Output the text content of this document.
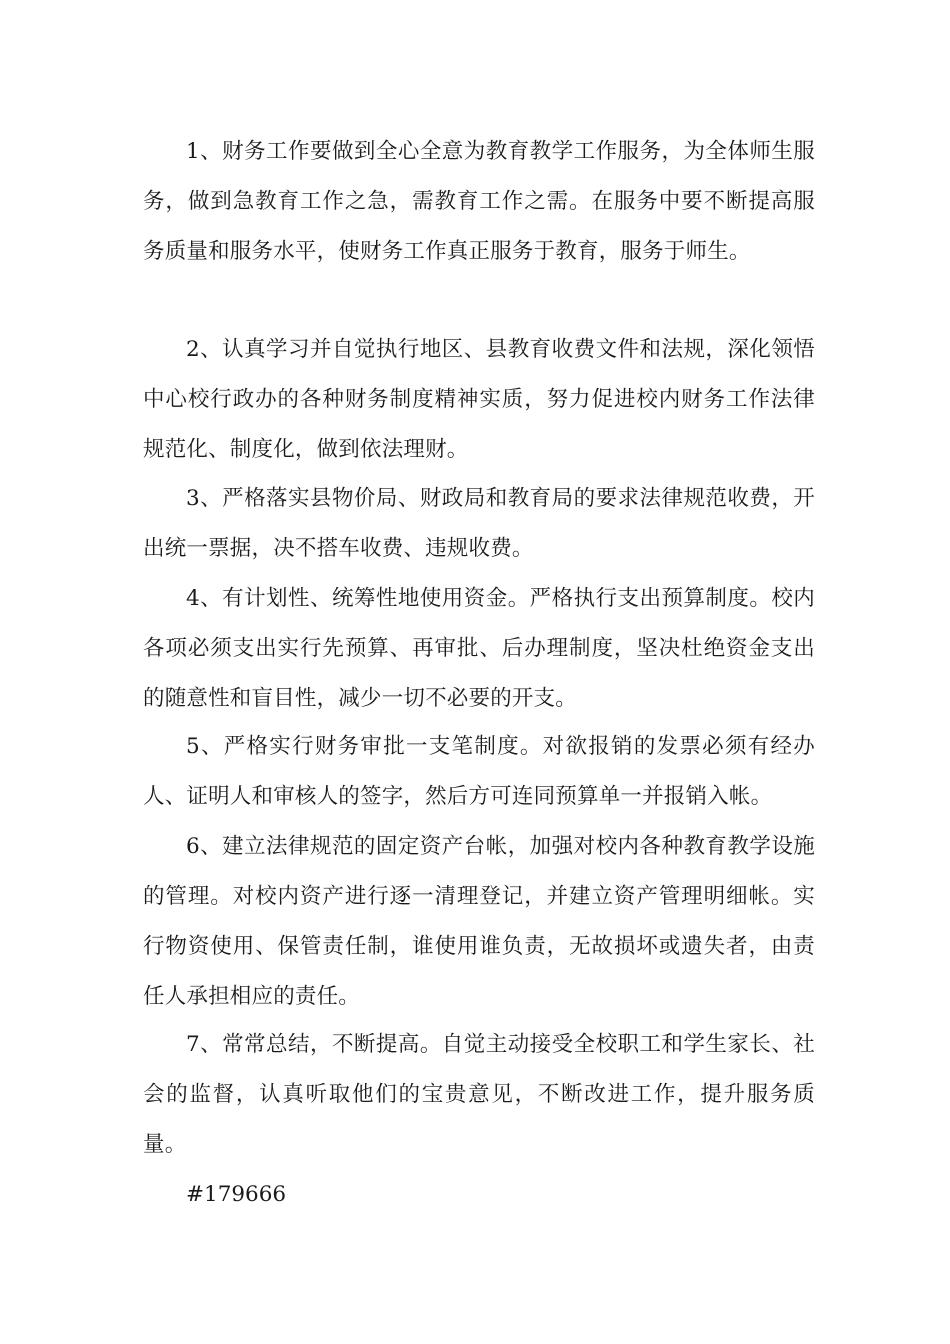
1、财务工作要做到全心全意为教育教学工作服务，为全体师生服务，做到急教育工作之急，需教育工作之需。在服务中要不断提高服务质量和服务水平，使财务工作真正服务于教育，服务于师生。

2、认真学习并自觉执行地区、县教育收费文件和法规，深化领悟中心校行政办的各种财务制度精神实质，努力促进校内财务工作法律规范化、制度化，做到依法理财。

3、严格落实县物价局、财政局和教育局的要求法律规范收费，开出统一票据，决不搭车收费、违规收费。

4、有计划性、统筹性地使用资金。严格执行支出预算制度。校内各项必须支出实行先预算、再审批、后办理制度，坚决杜绝资金支出的随意性和盲目性，减少一切不必要的开支。

5、严格实行财务审批一支笔制度。对欲报销的发票必须有经办人、证明人和审核人的签字，然后方可连同预算单一并报销入帐。

6、建立法律规范的固定资产台帐，加强对校内各种教育教学设施的管理。对校内资产进行逐一清理登记，并建立资产管理明细帐。实行物资使用、保管责任制，谁使用谁负责，无故损坏或遗失者，由责任人承担相应的责任。

7、常常总结，不断提高。自觉主动接受全校职工和学生家长、社会的监督，认真听取他们的宝贵意见，不断改进工作，提升服务质量。

#179666
